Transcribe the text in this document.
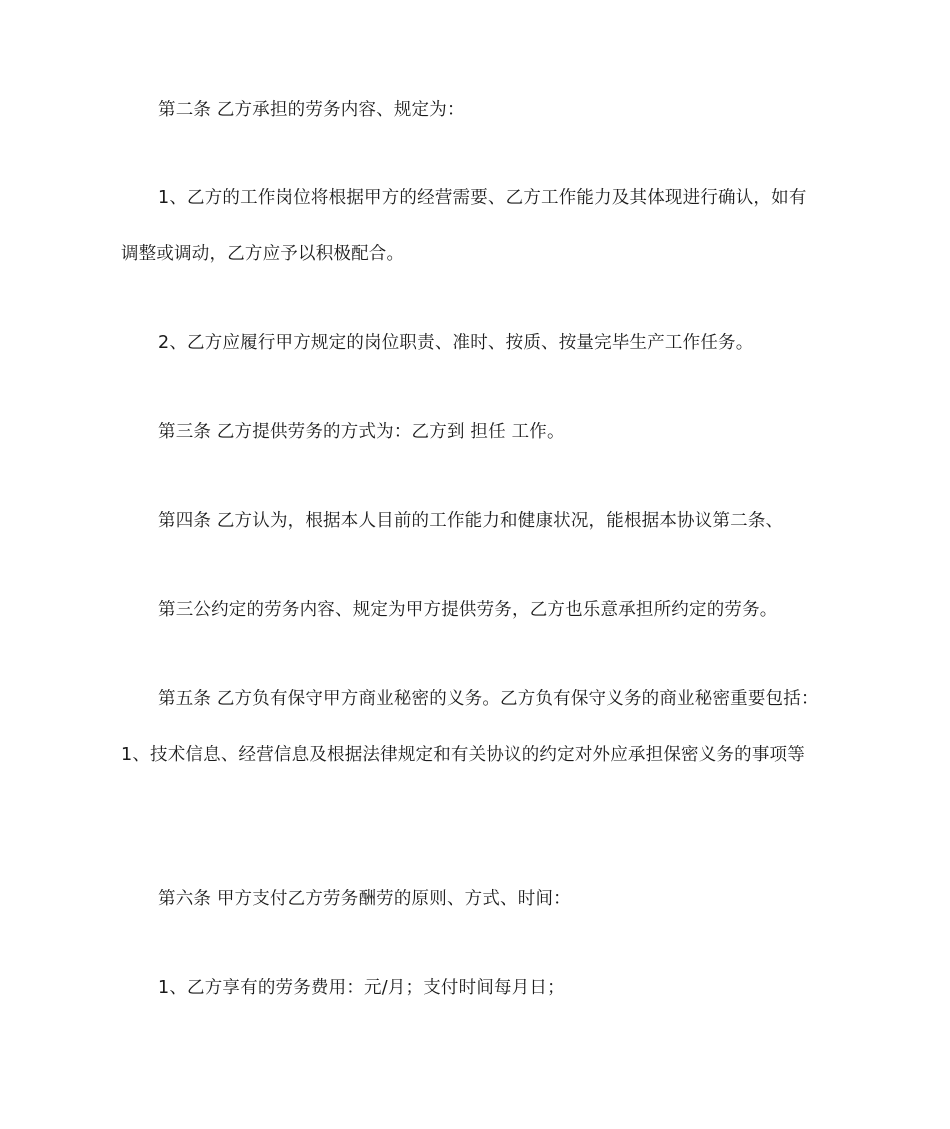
第二条 乙方承担的劳务内容、规定为：
1、乙方的工作岗位将根据甲方的经营需要、乙方工作能力及其体现进行确认，如有
调整或调动，乙方应予以积极配合。
2、乙方应履行甲方规定的岗位职责、准时、按质、按量完毕生产工作任务。
第三条 乙方提供劳务的方式为：乙方到 担任 工作。
第四条 乙方认为，根据本人目前的工作能力和健康状况，能根据本协议第二条、
第三公约定的劳务内容、规定为甲方提供劳务，乙方也乐意承担所约定的劳务。
第五条 乙方负有保守甲方商业秘密的义务。乙方负有保守义务的商业秘密重要包括：
1、技术信息、经营信息及根据法律规定和有关协议的约定对外应承担保密义务的事项等
第六条 甲方支付乙方劳务酬劳的原则、方式、时间：
1、乙方享有的劳务费用：元/月；支付时间每月日；
